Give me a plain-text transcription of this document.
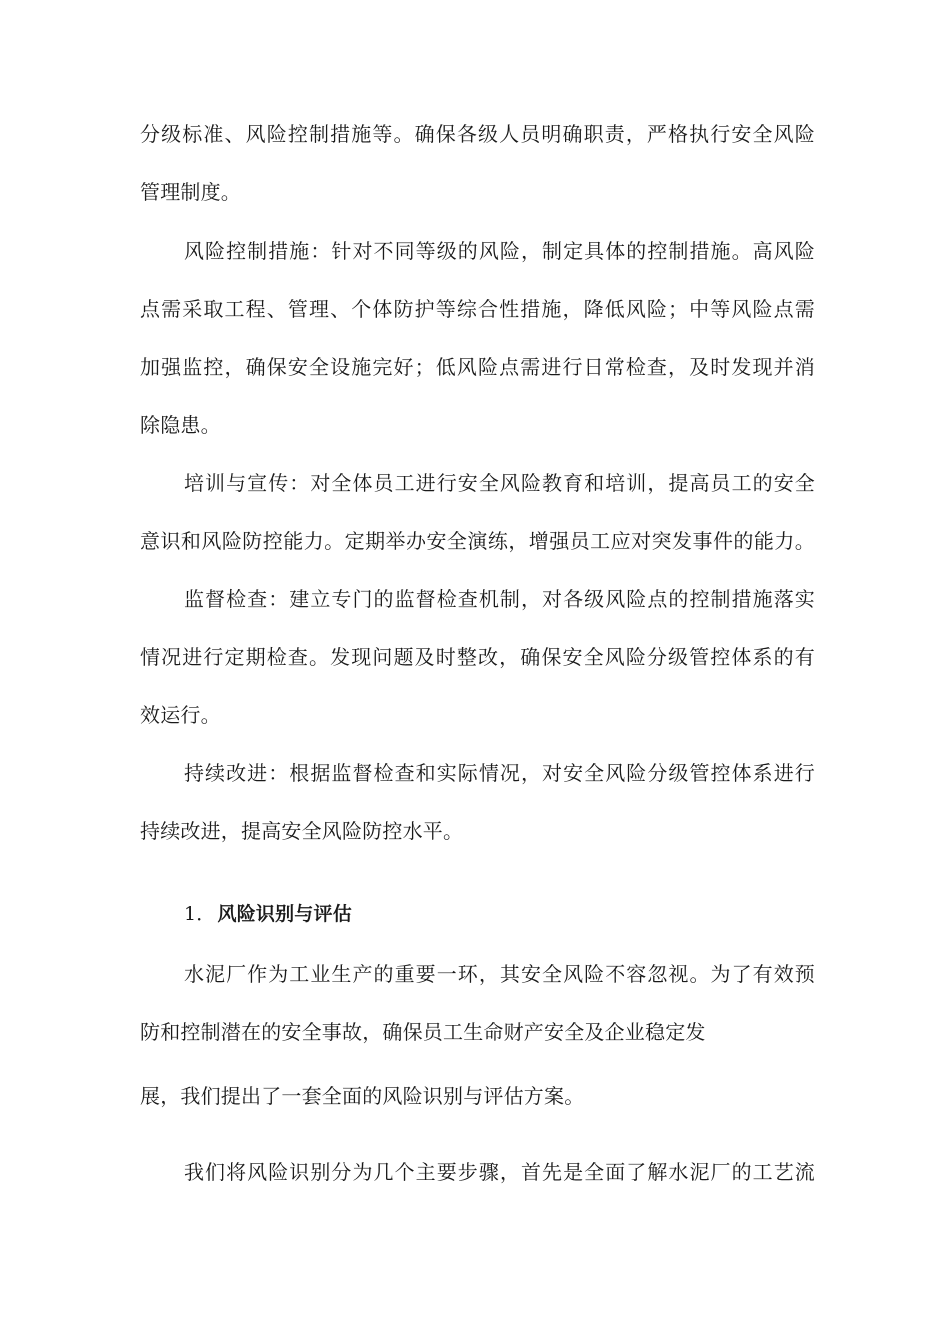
分级标准、风险控制措施等。确保各级人员明确职责，严格执行安全风险
管理制度。
风险控制措施：针对不同等级的风险，制定具体的控制措施。高风险
点需采取工程、管理、个体防护等综合性措施，降低风险；中等风险点需
加强监控，确保安全设施完好；低风险点需进行日常检查，及时发现并消
除隐患。
培训与宣传：对全体员工进行安全风险教育和培训，提高员工的安全
意识和风险防控能力。定期举办安全演练，增强员工应对突发事件的能力。
监督检查：建立专门的监督检查机制，对各级风险点的控制措施落实
情况进行定期检查。发现问题及时整改，确保安全风险分级管控体系的有
效运行。
持续改进：根据监督检查和实际情况，对安全风险分级管控体系进行
持续改进，提高安全风险防控水平。
1． 风险识别与评估
水泥厂作为工业生产的重要一环，其安全风险不容忽视。为了有效预
防和控制潜在的安全事故，确保员工生命财产安全及企业稳定发
展，我们提出了一套全面的风险识别与评估方案。
我们将风险识别分为几个主要步骤，首先是全面了解水泥厂的工艺流
